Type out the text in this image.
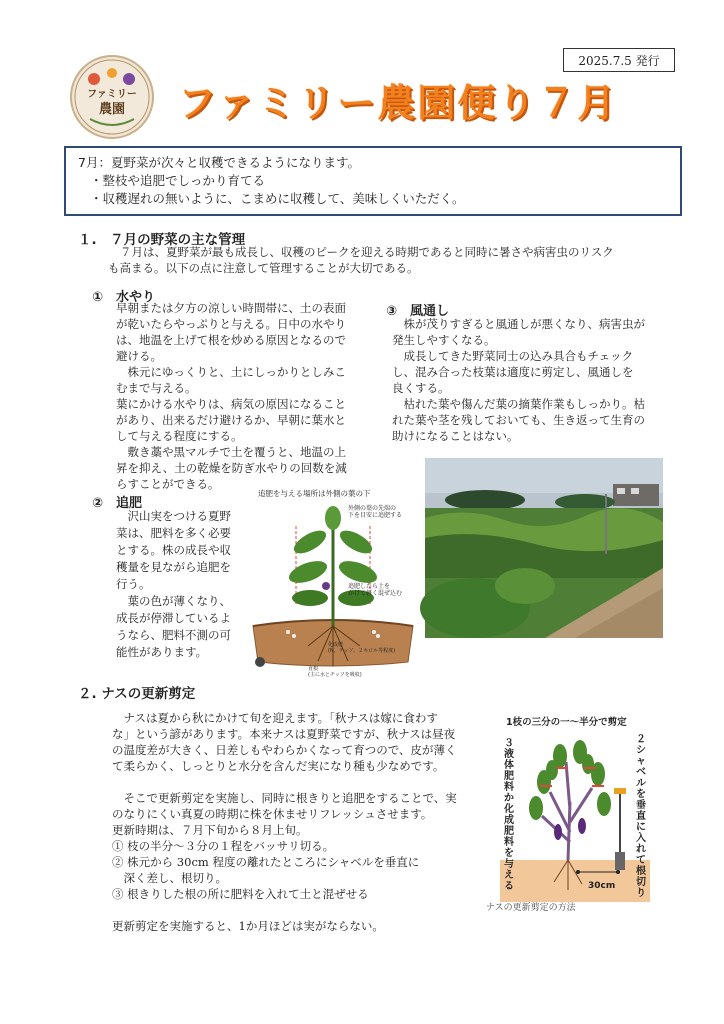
2025.7.5 発行
ファミリー
農園 ファミリー農園便り７月
7月：夏野菜が次々と収穫できるようになります。
・整枝や追肥でしっかり育てる
・収穫遅れの無いように、こまめに収穫して、美味しくいただく。
１.　７月の野菜の主な管理
７月は、夏野菜が最も成長し、収穫のピークを迎える時期であると同時に暑さや病害虫のリスク
も高まる。以下の点に注意して管理することが大切である。
①　水やり
早朝または夕方の涼しい時間帯に、土の表面
が乾いたらやっぷりと与える。日中の水やり
は、地温を上げて根を炒める原因となるので
避ける。
　株元にゆっくりと、土にしっかりとしみこ
むまで与える。
葉にかける水やりは、病気の原因になること
があり、出来るだけ避けるか、早朝に葉水と
して与える程度にする。
　敷き藁や黒マルチで土を覆うと、地温の上
昇を抑え、土の乾燥を防ぎ水やりの回数を減
らすことができる。
③　風通し
　株が茂りすぎると風通しが悪くなり、病害虫が
発生しやすくなる。
　成長してきた野菜同士の込み具合もチェック
し、混み合った枝葉は適度に剪定し、風通しを
良くする。
　枯れた葉や傷んだ葉の摘葉作業もしっかり。枯
れた葉や茎を残しておいても、生き返って生育の
助けになることはない。
②　追肥
　沢山実をつける夏野
菜は、肥料を多く必要
とする。株の成長や収
穫量を見ながら追肥を
行う。
　葉の色が薄くなり、
成長が停滞しているよ
うなら、肥料不測の可
能性があります。
追肥を与える場所は外側の葉の下
外側の葉の先端の下を目安に追肥する
追肥したら土をかけて軽く混ぜ込む
化成肥(N、チッソ、２キロル等程度)
直根(主に水とチッソを吸収)
２. ナスの更新剪定
　ナスは夏から秋にかけて旬を迎えます。「秋ナスは嫁に食わす
な」という諺があります。本来ナスは夏野菜ですが、秋ナスは昼夜
の温度差が大きく、日差しもやわらかくなって育つので、皮が薄く
て柔らかく、しっとりと水分を含んだ実になり種も少なめです。
　そこで更新剪定を実施し、同時に根きりと追肥をすることで、実
のなりにくい真夏の時期に株を休ませリフレッシュさせます。
更新時期は、７月下旬から８月上旬。
① 枝の半分～３分の１程をバッサリ切る。
② 株元から 30cm 程度の離れたところにシャベルを垂直に
　深く差し、根切り。
③ 根きりした根の所に肥料を入れて土と混ぜせる
更新剪定を実施すると、1か月ほどは実がならない。
1枝の三分の一～半分で剪定
30cm
ナスの更新剪定の方法
２シャベルを垂直に入れて根切り
３液体肥料か化成肥料を与える
